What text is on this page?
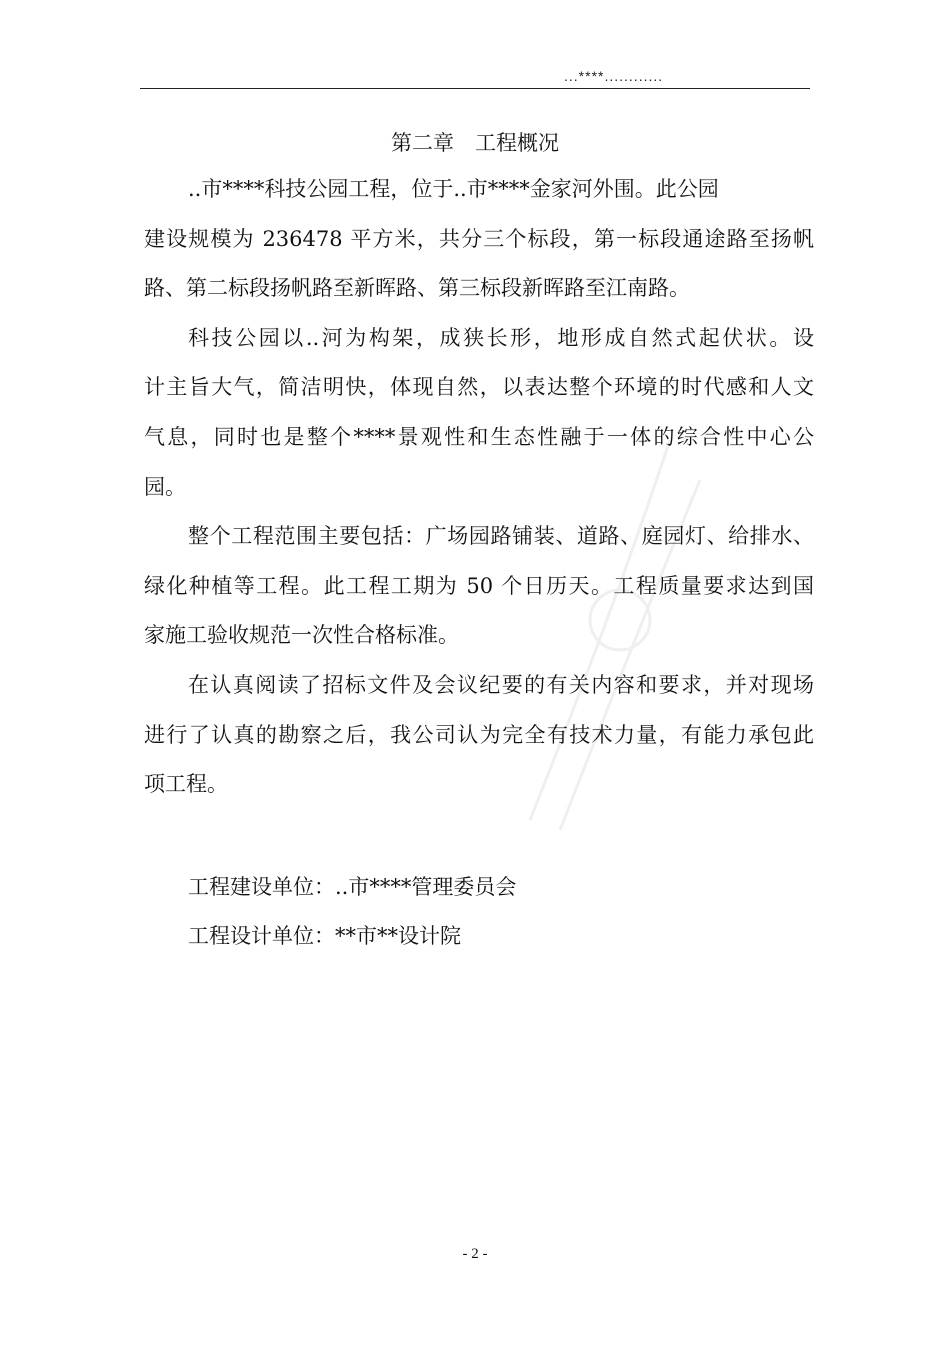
...****............
第二章　工程概况
..市****科技公园工程，位于..市****金家河外围。此公园
建设规模为 236478 平方米，共分三个标段，第一标段通途路至扬帆
路、第二标段扬帆路至新晖路、第三标段新晖路至江南路。
科技公园以..河为构架，成狭长形，地形成自然式起伏状。设
计主旨大气，简洁明快，体现自然，以表达整个环境的时代感和人文
气息，同时也是整个****景观性和生态性融于一体的综合性中心公
园。
整个工程范围主要包括：广场园路铺装、道路、庭园灯、给排水、
绿化种植等工程。此工程工期为 50 个日历天。工程质量要求达到国
家施工验收规范一次性合格标准。
在认真阅读了招标文件及会议纪要的有关内容和要求，并对现场
进行了认真的勘察之后，我公司认为完全有技术力量，有能力承包此
项工程。
工程建设单位：..市****管理委员会
工程设计单位：**市**设计院
- 2 -
